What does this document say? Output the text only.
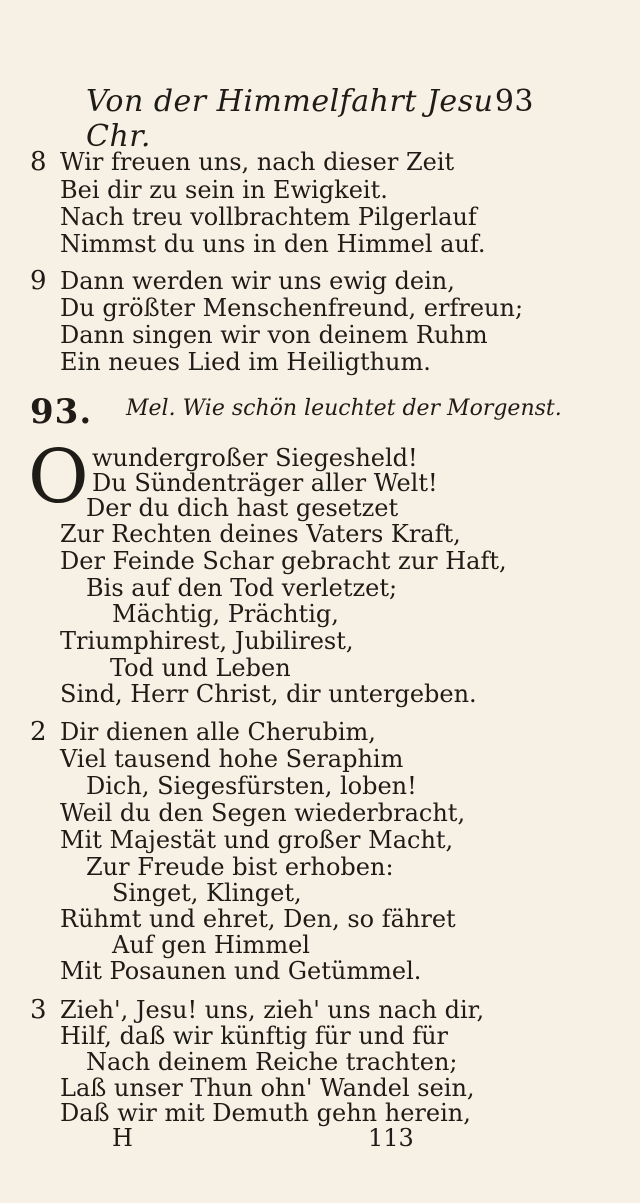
Von der Himmelfahrt Jesu Chr.
93
8 Wir freuen uns, nach dieser Zeit
Bei dir zu sein in Ewigkeit.
Nach treu vollbrachtem Pilgerlauf
Nimmst du uns in den Himmel auf.
9 Dann werden wir uns ewig dein,
Du größter Menschenfreund, erfreun;
Dann singen wir von deinem Ruhm
Ein neues Lied im Heiligthum.
93. Mel. Wie schön leuchtet der Morgenst.
O wundergroßer Siegesheld!
Du Sündenträger aller Welt!
Der du dich hast gesetzet
Zur Rechten deines Vaters Kraft,
Der Feinde Schar gebracht zur Haft,
Bis auf den Tod verletzet;
Mächtig, Prächtig,
Triumphirest, Jubilirest,
Tod und Leben
Sind, Herr Christ, dir untergeben.
2 Dir dienen alle Cherubim,
Viel tausend hohe Seraphim
Dich, Siegesfürsten, loben!
Weil du den Segen wiederbracht,
Mit Majestät und großer Macht,
Zur Freude bist erhoben:
Singet, Klinget,
Rühmt und ehret, Den, so fähret
Auf gen Himmel
Mit Posaunen und Getümmel.
3 Zieh', Jesu! uns, zieh' uns nach dir,
Hilf, daß wir künftig für und für
Nach deinem Reiche trachten;
Laß unser Thun ohn' Wandel sein,
Daß wir mit Demuth gehn herein,
H	113
